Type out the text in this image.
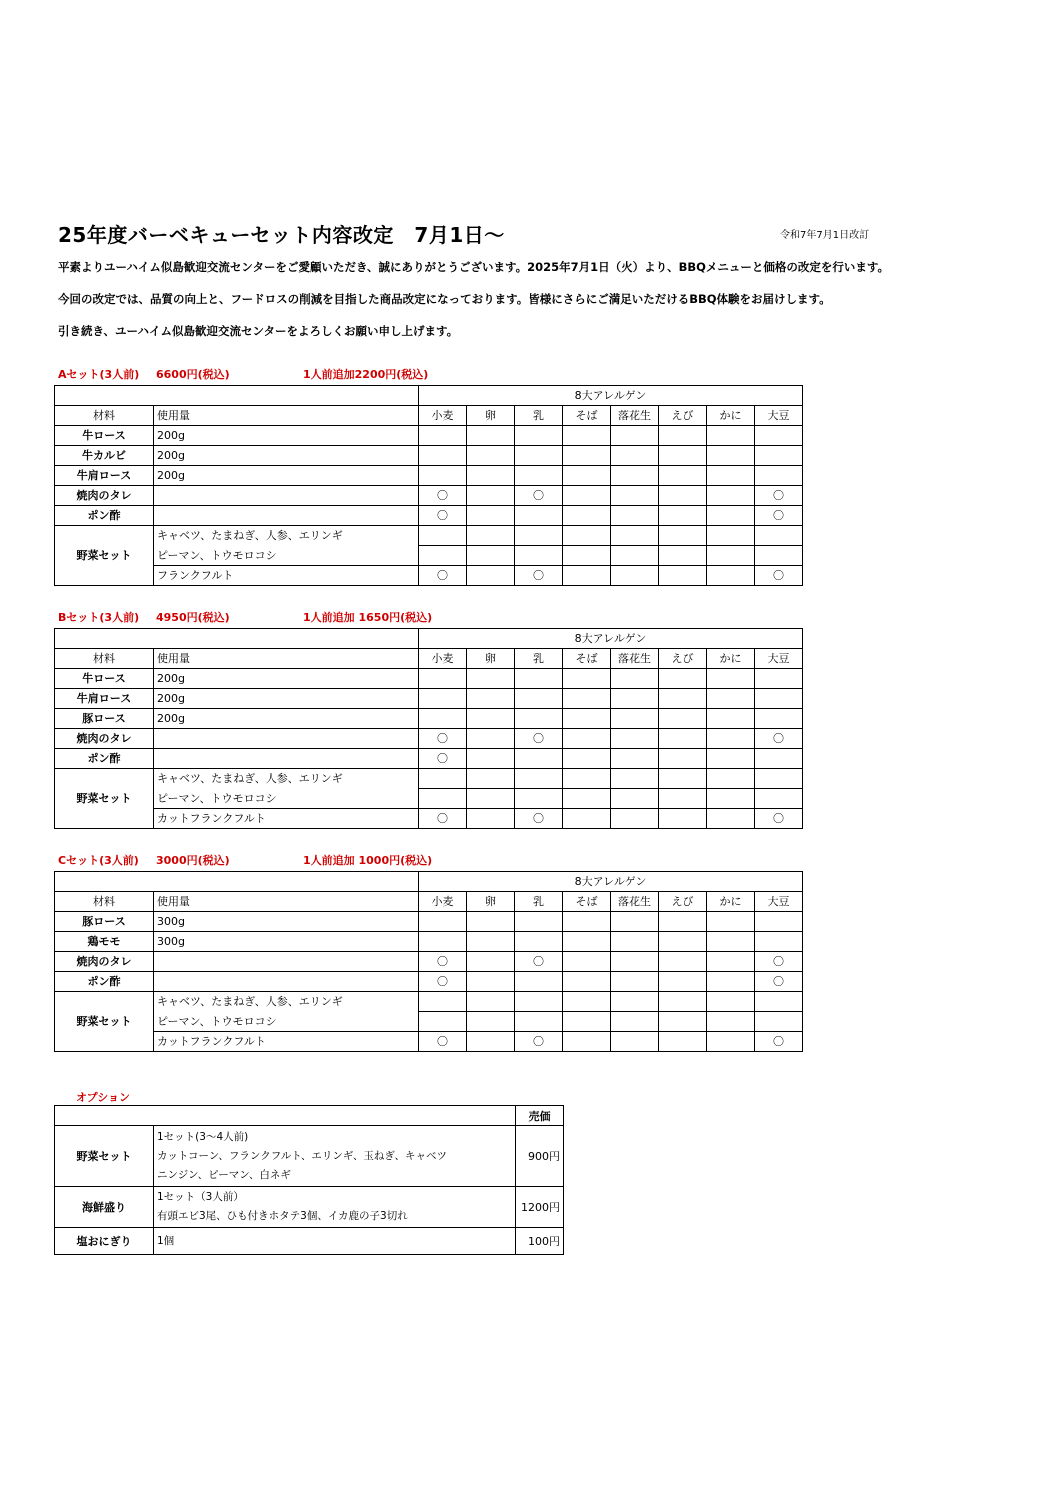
25年度バーベキューセット内容改定　7月1日～	令和7年7月1日改訂
平素よりユーハイム似島歓迎交流センターをご愛顧いただき、誠にありがとうございます。2025年7月1日（火）より、BBQメニューと価格の改定を行います。
今回の改定では、品質の向上と、フードロスの削減を目指した商品改定になっております。皆様にさらにご満足いただけるBBQ体験をお届けします。
引き続き、ユーハイム似島歓迎交流センターをよろしくお願い申し上げます。
Aセット(3人前) 6600円(税込)	1人前追加2200円(税込)
		8大アレルゲン							
材料	使用量	小麦	卵	乳	そば	落花生	えび	かに	大豆
牛ロース	200g								
牛カルビ	200g								
牛肩ロース	200g								
焼肉のタレ		〇		〇					〇
ポン酢		〇							〇
野菜セット	キャベツ、たまねぎ、人参、エリンギ								
	ピーマン、トウモロコシ								
	フランクフルト	〇		〇					〇
Bセット(3人前) 4950円(税込)	1人前追加 1650円(税込)
		8大アレルゲン							
材料	使用量	小麦	卵	乳	そば	落花生	えび	かに	大豆
牛ロース	200g								
牛肩ロース	200g								
豚ロース	200g								
焼肉のタレ		〇		〇					〇
ポン酢		〇							
野菜セット	キャベツ、たまねぎ、人参、エリンギ								
	ピーマン、トウモロコシ								
	カットフランクフルト	〇		〇					〇
Cセット(3人前) 3000円(税込)	1人前追加 1000円(税込)
		8大アレルゲン							
材料	使用量	小麦	卵	乳	そば	落花生	えび	かに	大豆
豚ロース	300g								
鶏モモ	300g								
焼肉のタレ		〇		〇					〇
ポン酢		〇							〇
野菜セット	キャベツ、たまねぎ、人参、エリンギ								
	ピーマン、トウモロコシ								
	カットフランクフルト	〇		〇					〇
オプション
		売価
野菜セット	1セット(3～4人前)
カットコーン、フランクフルト、エリンギ、玉ねぎ、キャベツ
ニンジン、ピーマン、白ネギ	900円
海鮮盛り	1セット（3人前）
有頭エビ3尾、ひも付きホタテ3個、イカ鹿の子3切れ	1200円
塩おにぎり	1個	100円
